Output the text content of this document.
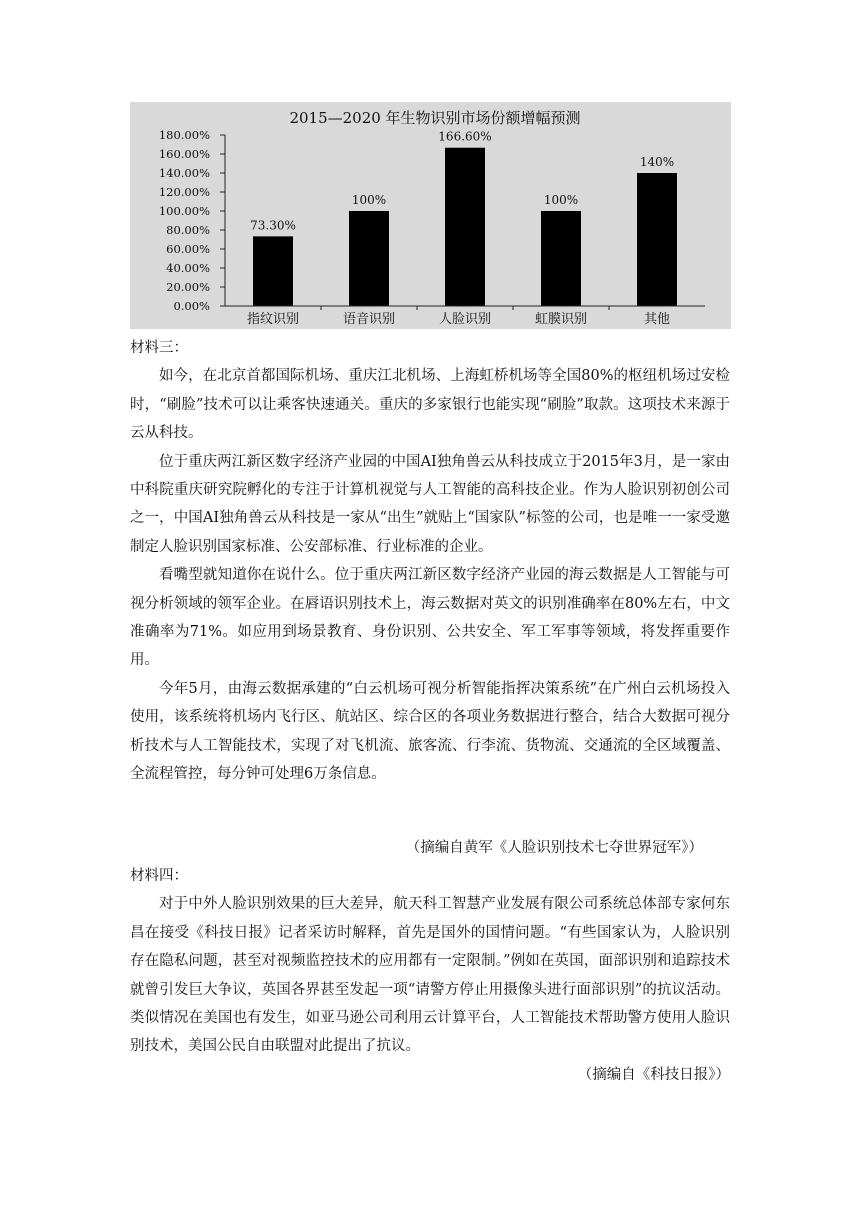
2015—2020 年生物识别市场份额增幅预测
0.00%
20.00%
40.00%
60.00%
80.00%
100.00%
120.00%
140.00%
160.00%
180.00%
73.30%
100%
166.60%
100%
140%
指纹识别	语音识别	人脸识别	虹膜识别	其他

材料三：

如今，在北京首都国际机场、重庆江北机场、上海虹桥机场等全国80%的枢纽机场过安检时，“刷脸”技术可以让乘客快速通关。重庆的多家银行也能实现“刷脸”取款。这项技术来源于云从科技。

位于重庆两江新区数字经济产业园的中国AI独角兽云从科技成立于2015年3月，是一家由中科院重庆研究院孵化的专注于计算机视觉与人工智能的高科技企业。作为人脸识别初创公司之一，中国AI独角兽云从科技是一家从“出生”就贴上“国家队”标签的公司，也是唯一一家受邀制定人脸识别国家标准、公安部标准、行业标准的企业。

看嘴型就知道你在说什么。位于重庆两江新区数字经济产业园的海云数据是人工智能与可视分析领域的领军企业。在唇语识别技术上，海云数据对英文的识别准确率在80%左右，中文准确率为71%。如应用到场景教育、身份识别、公共安全、军工军事等领域，将发挥重要作用。

今年5月，由海云数据承建的“白云机场可视分析智能指挥决策系统”在广州白云机场投入使用，该系统将机场内飞行区、航站区、综合区的各项业务数据进行整合，结合大数据可视分析技术与人工智能技术，实现了对飞机流、旅客流、行李流、货物流、交通流的全区域覆盖、全流程管控，每分钟可处理6万条信息。

（摘编自黄军《人脸识别技术七夺世界冠军》）

材料四：

对于中外人脸识别效果的巨大差异，航天科工智慧产业发展有限公司系统总体部专家何东昌在接受《科技日报》记者采访时解释，首先是国外的国情问题。“有些国家认为，人脸识别存在隐私问题，甚至对视频监控技术的应用都有一定限制。”例如在英国，面部识别和追踪技术就曾引发巨大争议，英国各界甚至发起一项“请警方停止用摄像头进行面部识别”的抗议活动。类似情况在美国也有发生，如亚马逊公司利用云计算平台，人工智能技术帮助警方使用人脸识别技术，美国公民自由联盟对此提出了抗议。

（摘编自《科技日报》）
